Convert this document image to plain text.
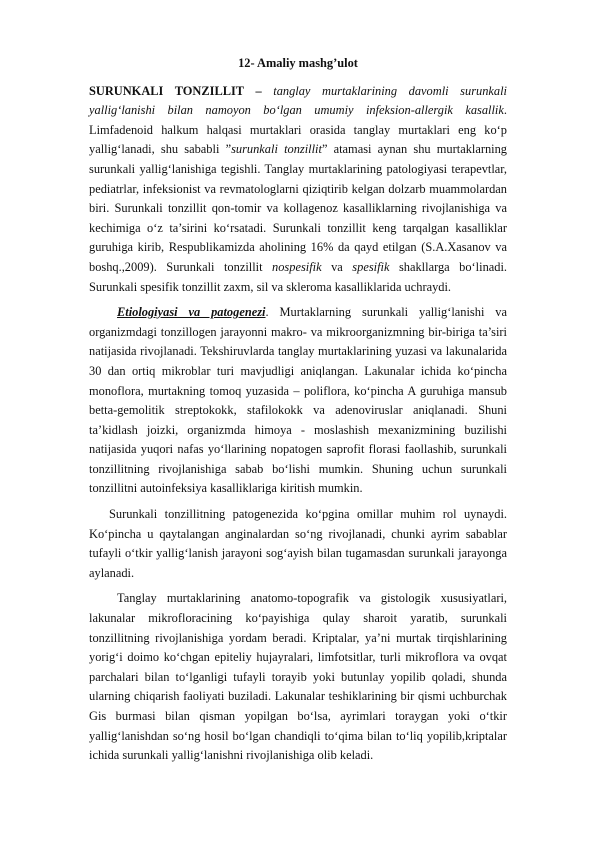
12- Amaliy mashg’ulot

SURUNKALI TONZILLIT – tanglay murtaklarining davomli surunkali yallig‘lanishi bilan namoyon bo‘lgan umumiy infeksion-allergik kasallik. Limfadenoid halkum halqasi murtaklari orasida tanglay murtaklari eng ko‘p yallig‘lanadi, shu sababli ”surunkali tonzillit” atamasi aynan shu murtaklarning surunkali yallig‘lanishiga tegishli. Tanglay murtaklarining patologiyasi terapevtlar, pediatrlar, infeksionist va revmatologlarni qiziqtirib kelgan dolzarb muammolardan biri. Surunkali tonzillit qon-tomir va kollagenoz kasalliklarning rivojlanishiga va kechimiga o‘z ta’sirini ko‘rsatadi. Surunkali tonzillit keng tarqalgan kasalliklar guruhiga kirib, Respublikamizda aholining 16% da qayd etilgan (S.A.Xasanov va boshq.,2009). Surunkali tonzillit nospesifik va spesifik shakllarga bo‘linadi. Surunkali spesifik tonzillit zaxm, sil va skleroma kasalliklarida uchraydi.

Etiologiyasi va patogenezi. Murtaklarning surunkali yallig‘lanishi va organizmdagi tonzillogen jarayonni makro- va mikroorganizmning bir-biriga ta’siri natijasida rivojlanadi. Tekshiruvlarda tanglay murtaklarining yuzasi va lakunalarida 30 dan ortiq mikroblar turi mavjudligi aniqlangan. Lakunalar ichida ko‘pincha monoflora, murtakning tomoq yuzasida – poliflora, ko‘pincha A guruhiga mansub betta-gemolitik streptokokk, stafilokokk va adenoviruslar aniqlanadi. Shuni ta’kidlash joizki, organizmda himoya - moslashish mexanizmining buzilishi natijasida yuqori nafas yo‘llarining nopatogen saprofit florasi faollashib, surunkali tonzillitning rivojlanishiga sabab bo‘lishi mumkin. Shuning uchun surunkali tonzillitni autoinfeksiya kasalliklariga kiritish mumkin.

Surunkali tonzillitning patogenezida ko‘pgina omillar muhim rol uynaydi. Ko‘pincha u qaytalangan anginalardan so‘ng rivojlanadi, chunki ayrim sabablar tufayli o‘tkir yallig‘lanish jarayoni sog‘ayish bilan tugamasdan surunkali jarayonga aylanadi.

Tanglay murtaklarining anatomo-topografik va gistologik xususiyatlari, lakunalar mikrofloracining ko‘payishiga qulay sharoit yaratib, surunkali tonzillitning rivojlanishiga yordam beradi. Kriptalar, ya’ni murtak tirqishlarining yorig‘i doimo ko‘chgan epiteliy hujayralari, limfotsitlar, turli mikroflora va ovqat parchalari bilan to‘lganligi tufayli torayib yoki butunlay yopilib qoladi, shunda ularning chiqarish faoliyati buziladi. Lakunalar teshiklarining bir qismi uchburchak Gis burmasi bilan qisman yopilgan bo‘lsa, ayrimlari toraygan yoki o‘tkir yallig‘lanishdan so‘ng hosil bo‘lgan chandiqli to‘qima bilan to‘liq yopilib,kriptalar ichida surunkali yallig‘lanishni rivojlanishiga olib keladi.
